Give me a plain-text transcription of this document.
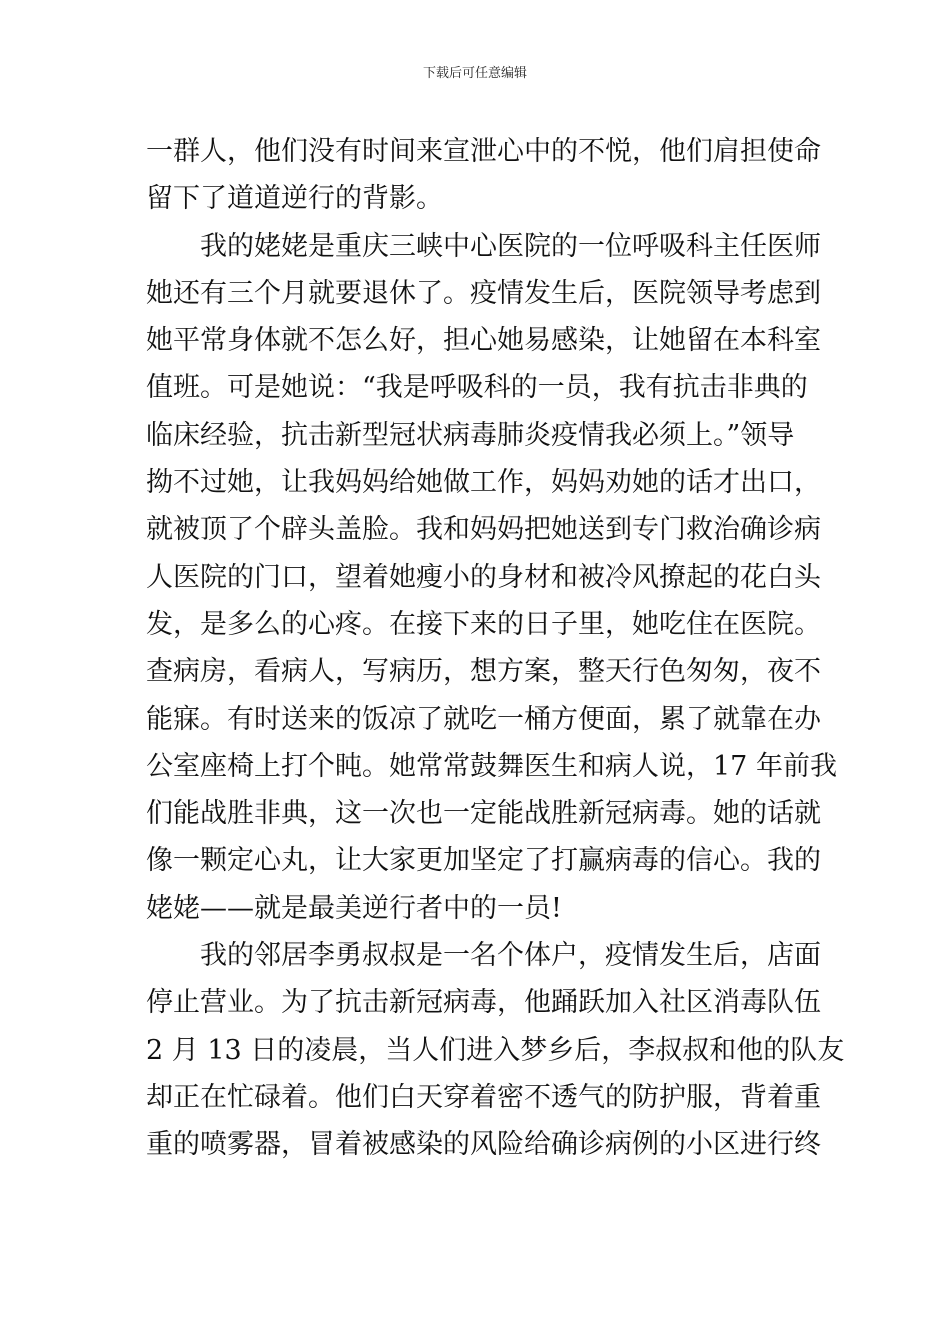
下载后可任意编辑
一群人，他们没有时间来宣泄心中的不悦，他们肩担使命
留下了道道逆行的背影。
我的姥姥是重庆三峡中心医院的一位呼吸科主任医师
她还有三个月就要退休了。疫情发生后，医院领导考虑到
她平常身体就不怎么好，担心她易感染，让她留在本科室
值班。可是她说：“我是呼吸科的一员，我有抗击非典的
临床经验，抗击新型冠状病毒肺炎疫情我必须上。”领导
拗不过她，让我妈妈给她做工作，妈妈劝她的话才出口，
就被顶了个辟头盖脸。我和妈妈把她送到专门救治确诊病
人医院的门口，望着她瘦小的身材和被冷风撩起的花白头
发，是多么的心疼。在接下来的日子里，她吃住在医院。
查病房，看病人，写病历，想方案，整天行色匆匆，夜不
能寐。有时送来的饭凉了就吃一桶方便面，累了就靠在办
公室座椅上打个盹。她常常鼓舞医生和病人说，17 年前我
们能战胜非典，这一次也一定能战胜新冠病毒。她的话就
像一颗定心丸，让大家更加坚定了打赢病毒的信心。我的
姥姥——就是最美逆行者中的一员!
我的邻居李勇叔叔是一名个体户，疫情发生后，店面
停止营业。为了抗击新冠病毒，他踊跃加入社区消毒队伍
2 月 13 日的凌晨，当人们进入梦乡后，李叔叔和他的队友
却正在忙碌着。他们白天穿着密不透气的防护服，背着重
重的喷雾器，冒着被感染的风险给确诊病例的小区进行终
